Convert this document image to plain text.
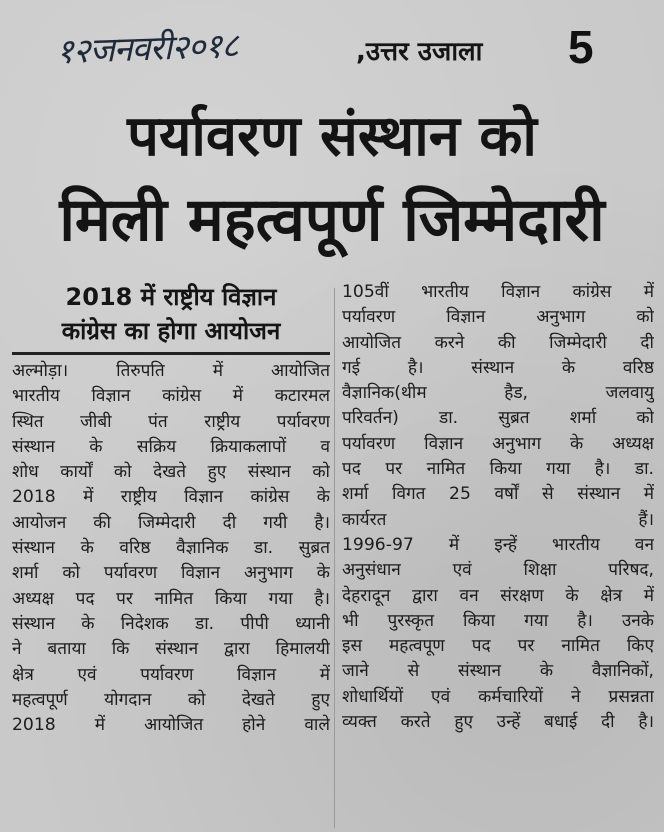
१२जनवरी२०१८	,उत्तर उजाला 5
पर्यावरण संस्थान को
मिली महत्वपूर्ण जिम्मेदारी
2018 में राष्ट्रीय विज्ञान
कांग्रेस का होगा आयोजन
अल्मोड़ा। तिरुपति में आयोजित
भारतीय विज्ञान कांग्रेस में कटारमल
स्थित जीबी पंत राष्ट्रीय पर्यावरण
संस्थान के सक्रिय क्रियाकलापों व
शोध कार्यों को देखते हुए संस्थान को
2018 में राष्ट्रीय विज्ञान कांग्रेस के
आयोजन की जिम्मेदारी दी गयी है।
संस्थान के वरिष्ठ वैज्ञानिक डा. सुब्रत
शर्मा को पर्यावरण विज्ञान अनुभाग के
अध्यक्ष पद पर नामित किया गया है।
संस्थान के निदेशक डा. पीपी ध्यानी
ने बताया कि संस्थान द्वारा हिमालयी
क्षेत्र एवं पर्यावरण विज्ञान में
महत्वपूर्ण योगदान को देखते हुए
2018 में आयोजित होने वाले
105वीं भारतीय विज्ञान कांग्रेस में
पर्यावरण विज्ञान अनुभाग को
आयोजित करने की जिम्मेदारी दी
गई है। संस्थान के वरिष्ठ
वैज्ञानिक(थीम हैड, जलवायु
परिवर्तन) डा. सुब्रत शर्मा को
पर्यावरण विज्ञान अनुभाग के अध्यक्ष
पद पर नामित किया गया है। डा.
शर्मा विगत 25 वर्षों से संस्थान में
कार्यरत हैं।
1996-97 में इन्हें भारतीय वन
अनुसंधान एवं शिक्षा परिषद,
देहरादून द्वारा वन संरक्षण के क्षेत्र में
भी पुरस्कृत किया गया है। उनके
इस महत्वपूण पद पर नामित किए
जाने से संस्थान के वैज्ञानिकों,
शोधार्थियों एवं कर्मचारियों ने प्रसन्नता
व्यक्त करते हुए उन्हें बधाई दी है।
